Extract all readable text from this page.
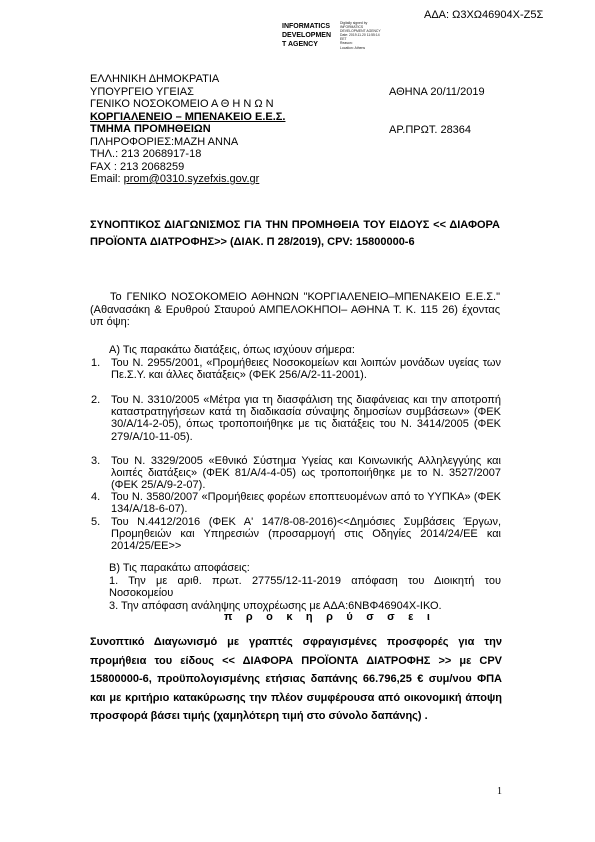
ΑΔΑ: Ω3ΧΩ46904Χ-Ζ5Σ
INFORMATICS
DEVELOPMEN
T AGENCY
Digitally signed by
INFORMATICS
DEVELOPMENT AGENCY
Date: 2019.11.20 11:55:14
EET
Reason:
Location: Athens
ΕΛΛΗΝΙΚΗ ΔΗΜΟΚΡΑΤΙΑ
ΥΠΟΥΡΓΕΙΟ ΥΓΕΙΑΣ
ΓΕΝΙΚΟ ΝΟΣΟΚΟΜΕΙΟ Α Θ Η Ν Ω Ν
ΚΟΡΓΙΑΛΕΝΕΙΟ – ΜΠΕΝΑΚΕΙΟ Ε.Ε.Σ.
ΤΜΗΜΑ ΠΡΟΜΗΘΕΙΩΝ
ΠΛΗΡΟΦΟΡΙΕΣ:ΜΑΖΗ ΑΝΝΑ
ΤΗΛ.: 213 2068917-18
FAX : 213 2068259
Email: prom@0310.syzefxis.gov.gr
ΑΘΗΝΑ 20/11/2019
ΑΡ.ΠΡΩΤ. 28364
ΣΥΝΟΠΤΙΚΟΣ ΔΙΑΓΩΝΙΣΜΟΣ ΓΙΑ ΤΗΝ ΠΡΟΜΗΘΕΙΑ ΤΟΥ ΕΙΔΟΥΣ << ΔΙΑΦΟΡΑ ΠΡΟΪΟΝΤΑ ΔΙΑΤΡΟΦΗΣ>> (ΔΙΑΚ. Π 28/2019), CPV: 15800000-6
Το ΓΕΝΙΚΟ ΝΟΣΟΚΟΜΕΙΟ ΑΘΗΝΩΝ "ΚΟΡΓΙΑΛΕΝΕΙΟ–ΜΠΕΝΑΚΕΙΟ Ε.Ε.Σ." (Αθανασάκη & Ερυθρού Σταυρού ΑΜΠΕΛΟΚΗΠΟΙ– ΑΘΗΝΑ Τ. Κ. 115 26) έχοντας υπ όψη:
Α) Τις παρακάτω διατάξεις, όπως ισχύουν σήμερα:
1. Του Ν. 2955/2001, «Προμήθειες Νοσοκομείων και λοιπών μονάδων υγείας των Πε.Σ.Υ. και άλλες διατάξεις» (ΦΕΚ 256/Α/2-11-2001).
2. Του Ν. 3310/2005 «Μέτρα για τη διασφάλιση της διαφάνειας και την αποτροπή καταστρατηγήσεων κατά τη διαδικασία σύναψης δημοσίων συμβάσεων» (ΦΕΚ 30/Α/14-2-05), όπως τροποποιήθηκε με τις διατάξεις του Ν. 3414/2005 (ΦΕΚ 279/Α/10-11-05).
3. Του Ν. 3329/2005 «Εθνικό Σύστημα Υγείας και Κοινωνικής Αλληλεγγύης και λοιπές διατάξεις» (ΦΕΚ 81/Α/4-4-05) ως τροποποιήθηκε με το Ν. 3527/2007 (ΦΕΚ 25/Α/9-2-07).
4. Του Ν. 3580/2007 «Προμήθειες φορέων εποπτευομένων από το ΥΥΠΚΑ» (ΦΕΚ 134/Α/18-6-07).
5. Του Ν.4412/2016 (ΦΕΚ Α' 147/8-08-2016)<<Δημόσιες Συμβάσεις Έργων, Προμηθειών και Υπηρεσιών (προσαρμογή στις Οδηγίες 2014/24/ΕΕ και 2014/25/ΕΕ>>
Β) Τις παρακάτω αποφάσεις:
1. Την με αριθ. πρωτ. 27755/12-11-2019 απόφαση του Διοικητή του Νοσοκομείου
3. Την απόφαση ανάληψης υποχρέωσης με ΑΔΑ:6ΝΒΦ46904Χ-ΙΚΟ.
π ρ ο κ η ρ ύ σ σ ε ι
Συνοπτικό Διαγωνισμό με γραπτές σφραγισμένες προσφορές για την προμήθεια του είδους << ΔΙΑΦΟΡΑ ΠΡΟΪΟΝΤΑ ΔΙΑΤΡΟΦΗΣ >> με CPV 15800000-6, προϋπολογισμένης ετήσιας δαπάνης 66.796,25 € συμ/νου ΦΠΑ και με κριτήριο κατακύρωσης την πλέον συμφέρουσα από οικονομική άποψη προσφορά βάσει τιμής (χαμηλότερη τιμή στο σύνολο δαπάνης) .
1
